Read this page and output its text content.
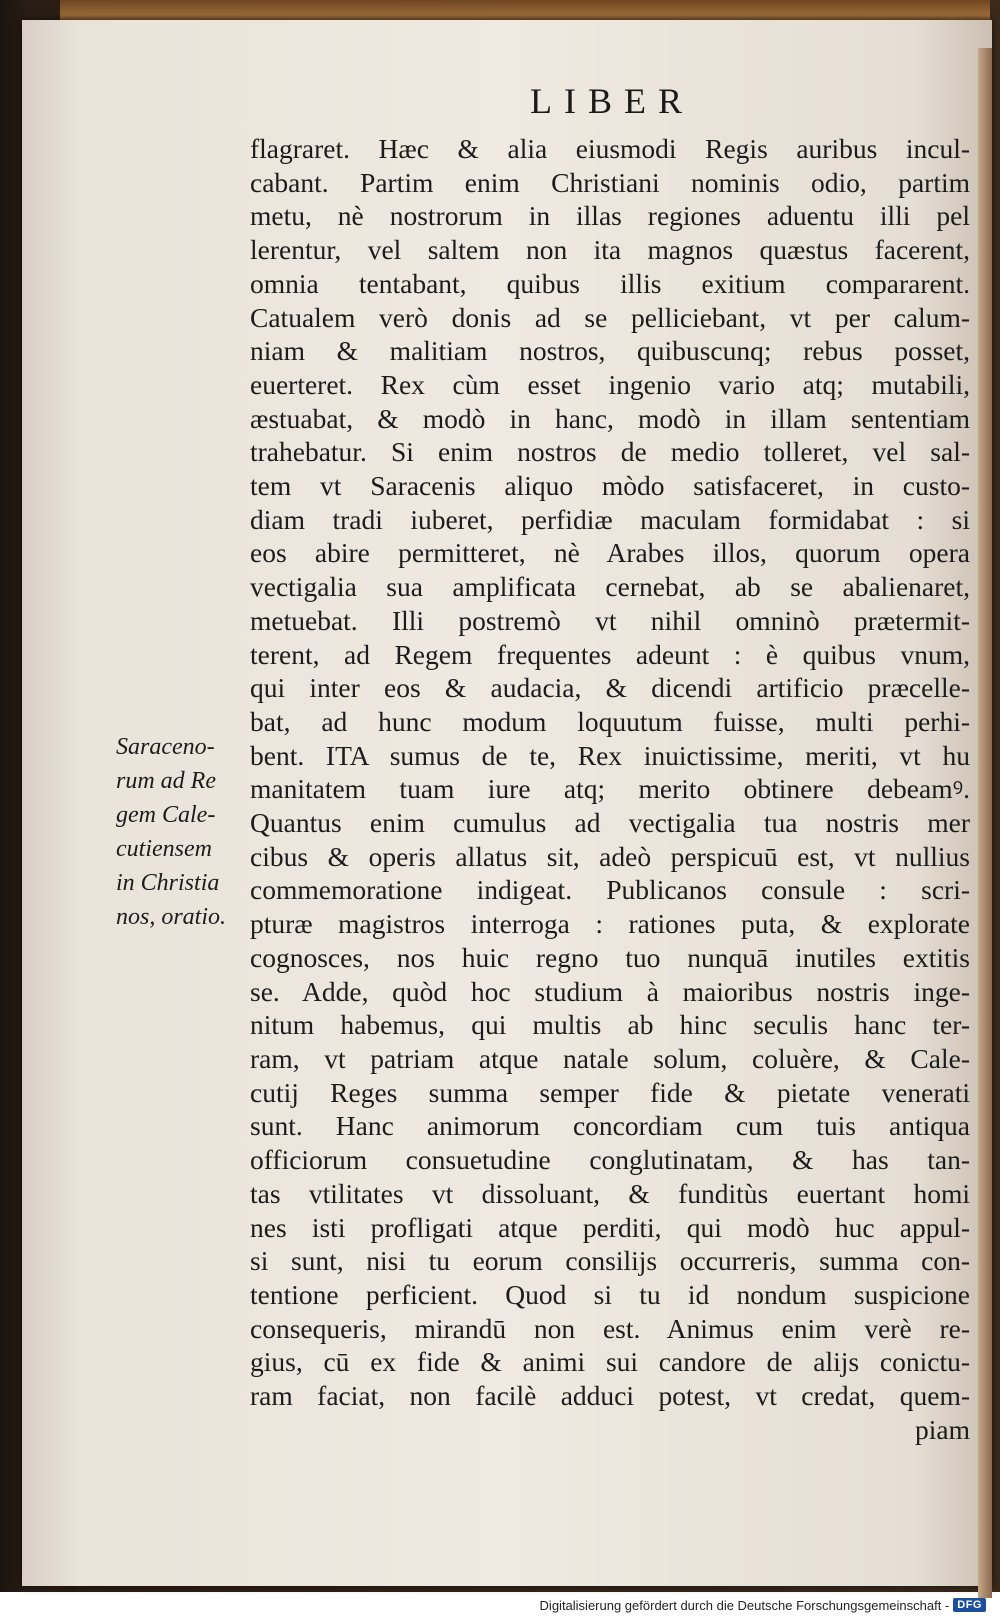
LIBER
flagraret. Hæc & alia eiusmodi Regis auribus incul-
cabant. Partim enim Christiani nominis odio, partim
metu, nè nostrorum in illas regiones aduentu illi pel
lerentur, vel saltem non ita magnos quæstus facerent,
omnia tentabant, quibus illis exitium compararent.
Catualem verò donis ad se pelliciebant, vt per calum-
niam & malitiam nostros, quibuscunq; rebus posset,
euerteret. Rex cùm esset ingenio vario atq; mutabili,
æstuabat, & modò in hanc, modò in illam sententiam
trahebatur. Si enim nostros de medio tolleret, vel sal-
tem vt Saracenis aliquo mòdo satisfaceret, in custo-
diam tradi iuberet, perfidiæ maculam formidabat : si
eos abire permitteret, nè Arabes illos, quorum opera
vectigalia sua amplificata cernebat, ab se abalienaret,
metuebat. Illi postremò vt nihil omninò prætermit-
terent, ad Regem frequentes adeunt : è quibus vnum,
qui inter eos & audacia, & dicendi artificio præcelle-
bat, ad hunc modum loquutum fuisse, multi perhi-
bent. ITA sumus de te, Rex inuictissime, meriti, vt hu
manitatem tuam iure atq; merito obtinere debeamꝰ.
Quantus enim cumulus ad vectigalia tua nostris mer
cibus & operis allatus sit, adeò perspicuū est, vt nullius
commemoratione indigeat. Publicanos consule : scri-
pturæ magistros interroga : rationes puta, & explorate
cognosces, nos huic regno tuo nunquā inutiles extitis
se. Adde, quòd hoc studium à maioribus nostris inge-
nitum habemus, qui multis ab hinc seculis hanc ter-
ram, vt patriam atque natale solum, coluère, & Cale-
cutij Reges summa semper fide & pietate venerati
sunt. Hanc animorum concordiam cum tuis antiqua
officiorum consuetudine conglutinatam, & has tan-
tas vtilitates vt dissoluant, & funditùs euertant homi
nes isti profligati atque perditi, qui modò huc appul-
si sunt, nisi tu eorum consilijs occurreris, summa con-
tentione perficient. Quod si tu id nondum suspicione
consequeris, mirandū non est. Animus enim verè re-
gius, cū ex fide & animi sui candore de alijs conictu-
ram faciat, non facilè adduci potest, vt credat, quem-
piam
Saraceno-
rum ad Re
gem Cale-
cutiensem
in Christia
nos, oratio.
Digitalisierung gefördert durch die Deutsche Forschungsgemeinschaft - DFG
